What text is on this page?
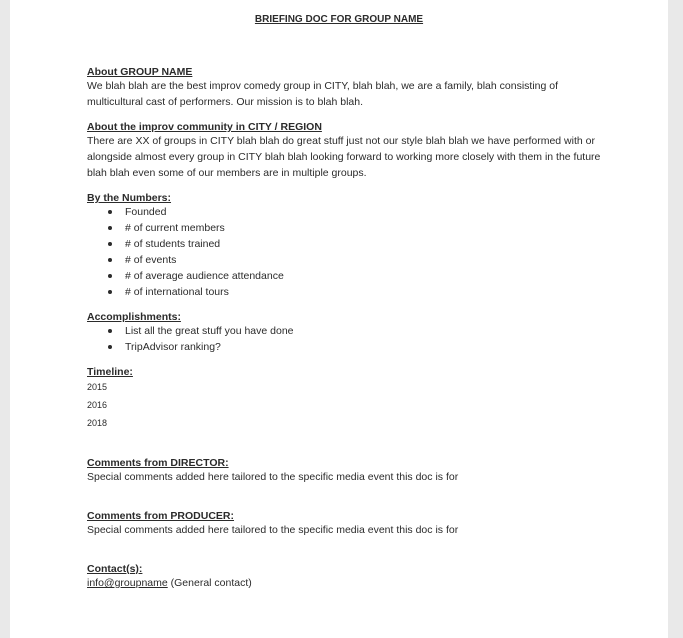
BRIEFING DOC FOR GROUP NAME
About GROUP NAME

We blah blah are the best improv comedy group in CITY, blah blah, we are a family, blah consisting of multicultural cast of performers. Our mission is to blah blah.

About the improv community in CITY / REGION

There are XX of groups in CITY blah blah do great stuff just not our style blah blah we have performed with or alongside almost every group in CITY blah blah looking forward to working more closely with them in the future blah blah even some of our members are in multiple groups.

By the Numbers:
Founded
# of current members
# of students trained
# of events
# of average audience attendance
# of international tours
Accomplishments:
List all the great stuff you have done
TripAdvisor ranking?
Timeline:
2015
2016
2018
Comments from DIRECTOR:

Special comments added here tailored to the specific media event this doc is for

Comments from PRODUCER:

Special comments added here tailored to the specific media event this doc is for

Contact(s):

info@groupname (General contact)
